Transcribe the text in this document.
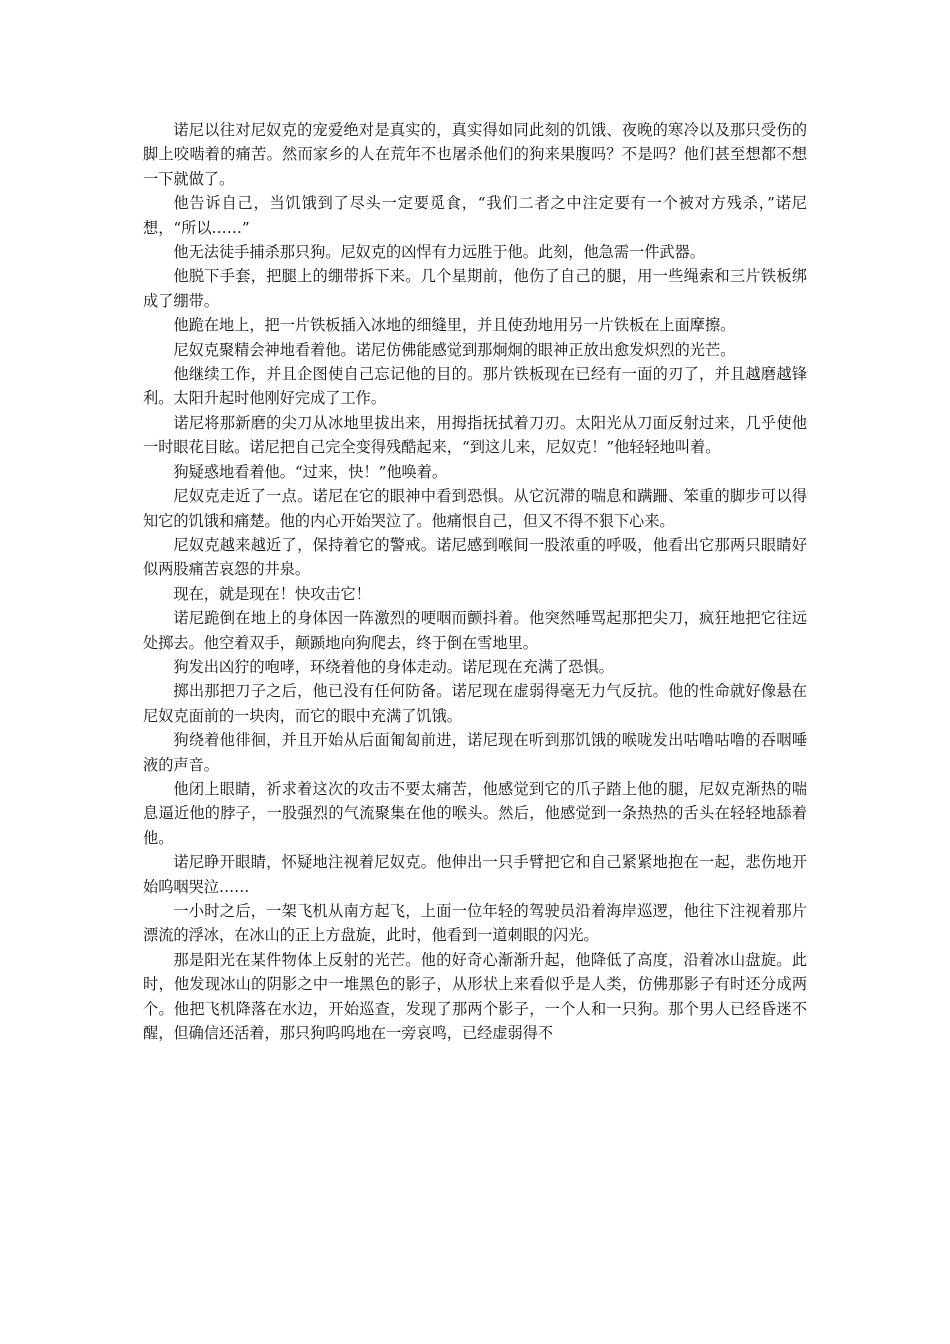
诺尼以往对尼奴克的宠爱绝对是真实的，真实得如同此刻的饥饿、夜晚的寒冷以及那只受伤的脚上咬啮着的痛苦。然而家乡的人在荒年不也屠杀他们的狗来果腹吗？不是吗？他们甚至想都不想一下就做了。

他告诉自己，当饥饿到了尽头一定要觅食，“我们二者之中注定要有一个被对方残杀，”诺尼想，“所以……”

他无法徒手捕杀那只狗。尼奴克的凶悍有力远胜于他。此刻，他急需一件武器。

他脱下手套，把腿上的绷带拆下来。几个星期前，他伤了自己的腿，用一些绳索和三片铁板绑成了绷带。

他跪在地上，把一片铁板插入冰地的细缝里，并且使劲地用另一片铁板在上面摩擦。

尼奴克聚精会神地看着他。诺尼仿佛能感觉到那炯炯的眼神正放出愈发炽烈的光芒。

他继续工作，并且企图使自己忘记他的目的。那片铁板现在已经有一面的刃了，并且越磨越锋利。太阳升起时他刚好完成了工作。

诺尼将那新磨的尖刀从冰地里拔出来，用拇指抚拭着刀刃。太阳光从刀面反射过来，几乎使他一时眼花目眩。诺尼把自己完全变得残酷起来，“到这儿来，尼奴克！”他轻轻地叫着。

狗疑惑地看着他。“过来，快！”他唤着。

尼奴克走近了一点。诺尼在它的眼神中看到恐惧。从它沉滞的喘息和蹒跚、笨重的脚步可以得知它的饥饿和痛楚。他的内心开始哭泣了。他痛恨自己，但又不得不狠下心来。

尼奴克越来越近了，保持着它的警戒。诺尼感到喉间一股浓重的呼吸，他看出它那两只眼睛好似两股痛苦哀怨的井泉。

现在，就是现在！快攻击它！

诺尼跪倒在地上的身体因一阵激烈的哽咽而颤抖着。他突然唾骂起那把尖刀，疯狂地把它往远处掷去。他空着双手，颠踬地向狗爬去，终于倒在雪地里。

狗发出凶狞的咆哮，环绕着他的身体走动。诺尼现在充满了恐惧。

掷出那把刀子之后，他已没有任何防备。诺尼现在虚弱得毫无力气反抗。他的性命就好像悬在尼奴克面前的一块肉，而它的眼中充满了饥饿。

狗绕着他徘徊，并且开始从后面匍匐前进，诺尼现在听到那饥饿的喉咙发出咕噜咕噜的吞咽唾液的声音。

他闭上眼睛，祈求着这次的攻击不要太痛苦，他感觉到它的爪子踏上他的腿，尼奴克渐热的喘息逼近他的脖子，一股强烈的气流聚集在他的喉头。然后，他感觉到一条热热的舌头在轻轻地舔着他。

诺尼睁开眼睛，怀疑地注视着尼奴克。他伸出一只手臂把它和自己紧紧地抱在一起，悲伤地开始呜咽哭泣……

一小时之后，一架飞机从南方起飞，上面一位年轻的驾驶员沿着海岸巡逻，他往下注视着那片漂流的浮冰，在冰山的正上方盘旋，此时，他看到一道刺眼的闪光。

那是阳光在某件物体上反射的光芒。他的好奇心渐渐升起，他降低了高度，沿着冰山盘旋。此时，他发现冰山的阴影之中一堆黑色的影子，从形状上来看似乎是人类，仿佛那影子有时还分成两个。他把飞机降落在水边，开始巡查，发现了那两个影子，一个人和一只狗。那个男人已经昏迷不醒，但确信还活着，那只狗呜呜地在一旁哀鸣，已经虚弱得不
